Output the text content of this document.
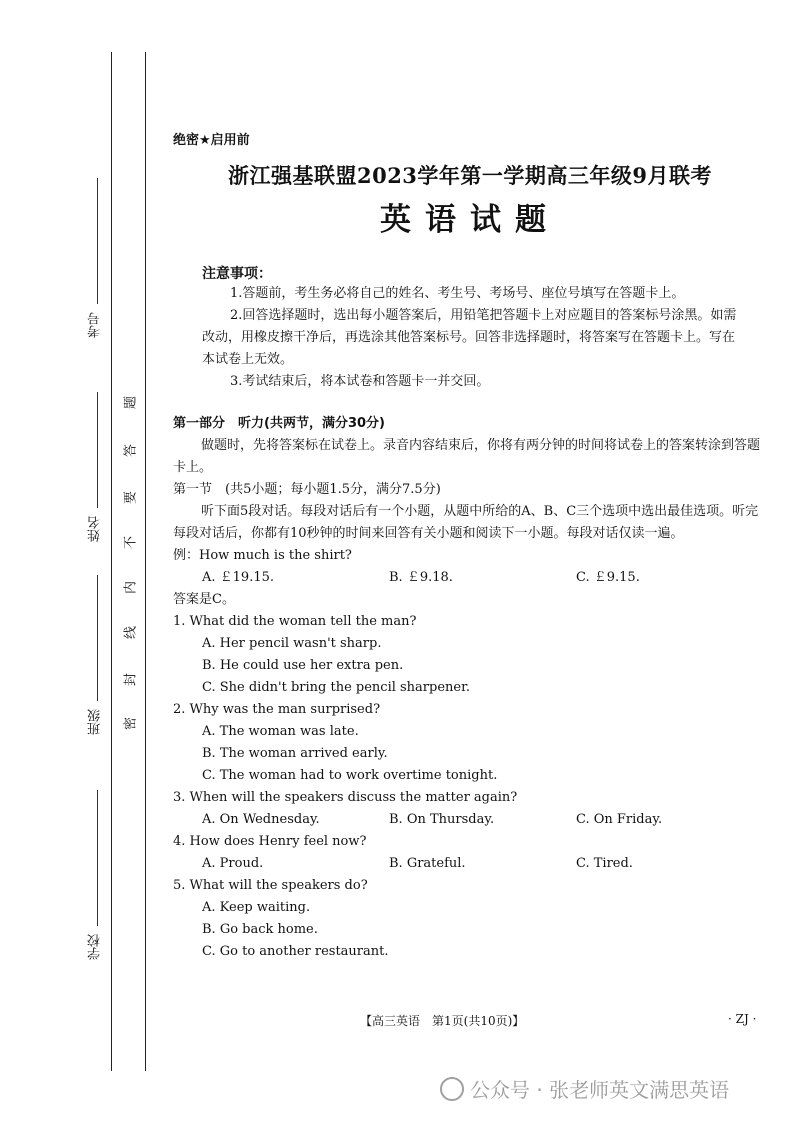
考号
姓名
班级
学校
题
答
要
不
内
线
封
密
绝密★启用前
浙江强基联盟2023学年第一学期高三年级9月联考
英语试题
注意事项：
1.答题前，考生务必将自己的姓名、考生号、考场号、座位号填写在答题卡上。
2.回答选择题时，选出每小题答案后，用铅笔把答题卡上对应题目的答案标号涂黑。如需改动，用橡皮擦干净后，再选涂其他答案标号。回答非选择题时，将答案写在答题卡上。写在本试卷上无效。
3.考试结束后，将本试卷和答题卡一并交回。
第一部分　听力(共两节，满分30分)
做题时，先将答案标在试卷上。录音内容结束后，你将有两分钟的时间将试卷上的答案转涂到答题卡上。
第一节　(共5小题；每小题1.5分，满分7.5分)
听下面5段对话。每段对话后有一个小题，从题中所给的A、B、C三个选项中选出最佳选项。听完每段对话后，你都有10秒钟的时间来回答有关小题和阅读下一小题。每段对话仅读一遍。
例：How much is the shirt?
A. ￡19.15.	B. ￡9.18.	C. ￡9.15.
答案是C。
1. What did the woman tell the man?
A. Her pencil wasn't sharp.
B. He could use her extra pen.
C. She didn't bring the pencil sharpener.
2. Why was the man surprised?
A. The woman was late.
B. The woman arrived early.
C. The woman had to work overtime tonight.
3. When will the speakers discuss the matter again?
A. On Wednesday.	B. On Thursday.	C. On Friday.
4. How does Henry feel now?
A. Proud.	B. Grateful.	C. Tired.
5. What will the speakers do?
A. Keep waiting.
B. Go back home.
C. Go to another restaurant.
【高三英语　第1页(共10页)】	· ZJ ·
公众号 · 张老师英文满思英语
